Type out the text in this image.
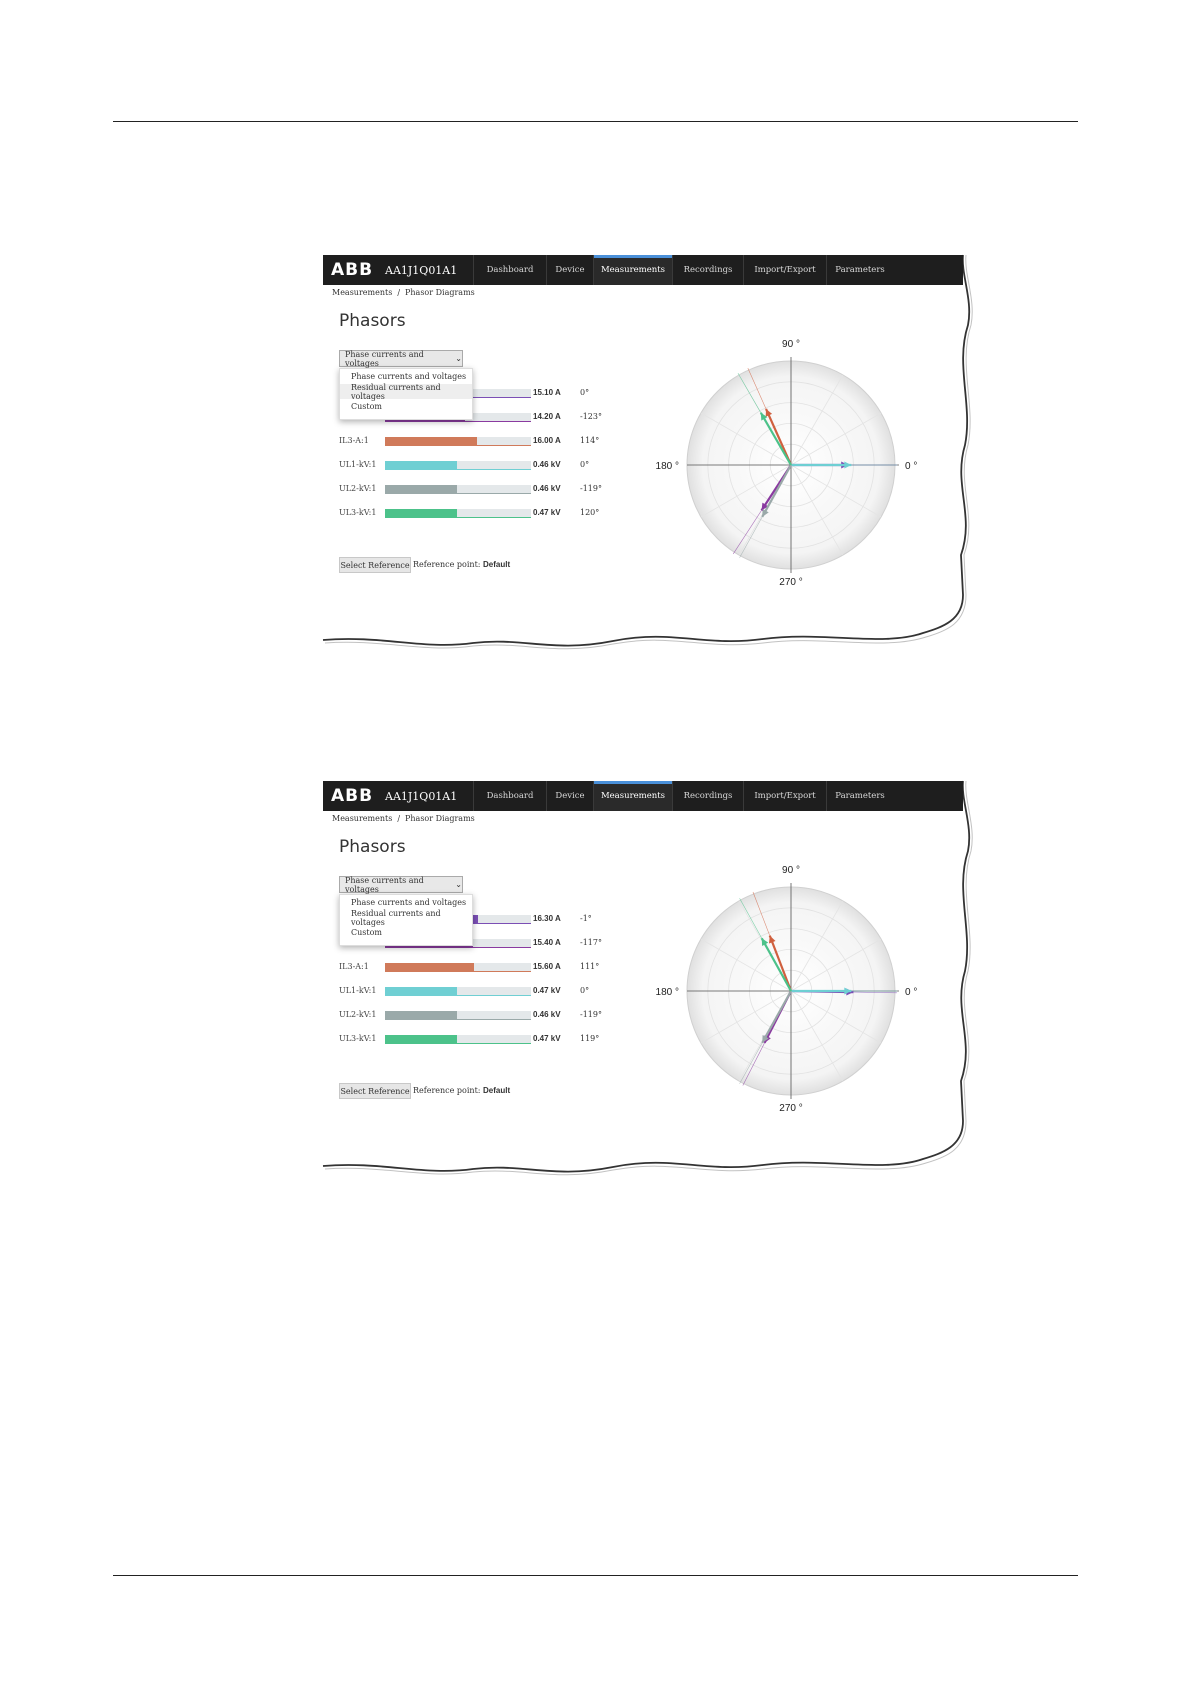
ABB	AA1J1Q01A1	Dashboard	Device	Measurements	Recordings	Import/Export	Parameters
Measurements / Phasor Diagrams
Phasors
Phase currents and voltages	⌄
15.10 A 0°
14.20 A -123°
IL3-A:1	16.00 A 114°
UL1-kV:1	0.46 kV 0°
UL2-kV:1	0.46 kV -119°
UL3-kV:1	0.47 kV 120°
Phase currents and voltages
Residual currents and voltages
Custom
Select Reference Reference point: Default
90 °
180 °	0 °
270 °
ABB	AA1J1Q01A1	Dashboard	Device	Measurements	Recordings	Import/Export	Parameters
Measurements / Phasor Diagrams
Phasors
Phase currents and voltages	⌄
16.30 A -1°
15.40 A -117°
IL3-A:1	15.60 A 111°
UL1-kV:1	0.47 kV 0°
UL2-kV:1	0.46 kV -119°
UL3-kV:1	0.47 kV 119°
Phase currents and voltages
Residual currents and voltages
Custom
Select Reference Reference point: Default
90 °
180 °	0 °
270 °
